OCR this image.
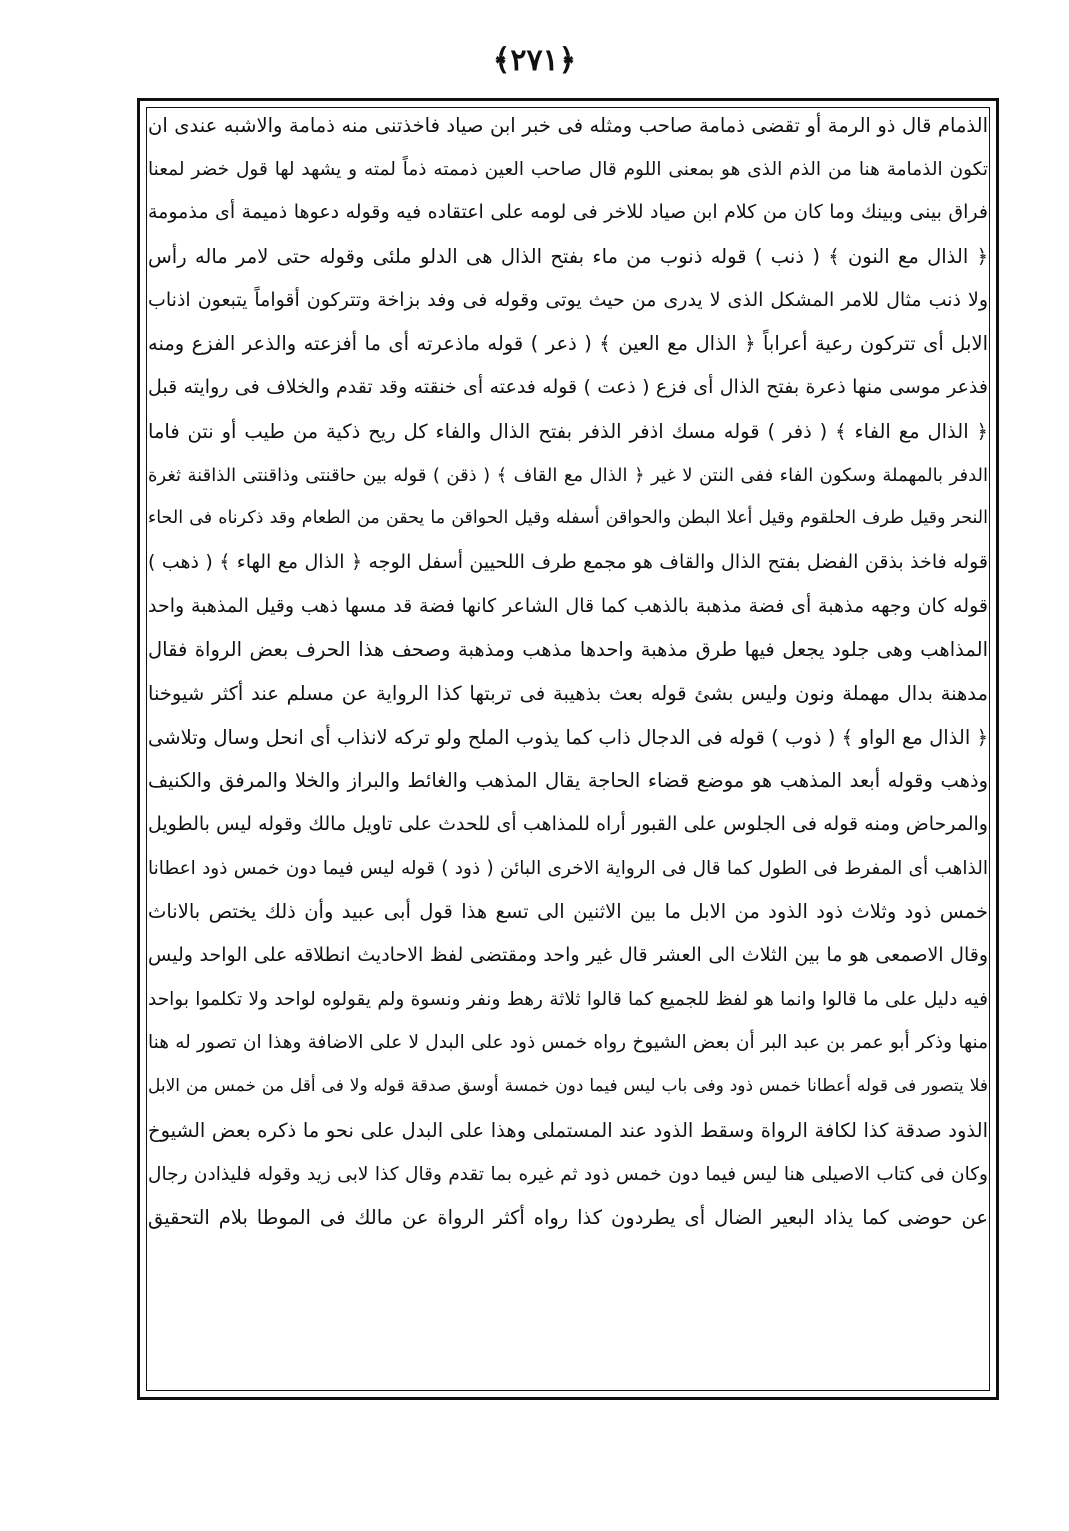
﴿٢٧١﴾
الذمام قال ذو الرمة أو تقضى ذمامة صاحب ومثله فى خبر ابن صياد فاخذتنى منه ذمامة والاشبه عندى ان
تكون الذمامة هنا من الذم الذى هو بمعنى اللوم قال صاحب العين ذممته ذماً لمته و يشهد لها قول خضر لمعنا
فراق بينى وبينك وما كان من كلام ابن صياد للاخر فى لومه على اعتقاده فيه وقوله دعوها ذميمة أى مذمومة
﴿ الذال مع النون ﴾ ( ذنب ) قوله ذنوب من ماء بفتح الذال هى الدلو ملئى وقوله حتى لامر ماله رأس
ولا ذنب مثال للامر المشكل الذى لا يدرى من حيث يوتى وقوله فى وفد بزاخة وتتركون أقواماً يتبعون اذناب
الابل أى تتركون رعية أعراباً ﴿ الذال مع العين ﴾ ( ذعر ) قوله ماذعرته أى ما أفزعته والذعر الفزع ومنه
فذعر موسى منها ذعرة بفتح الذال أى فزع ( ذعت ) قوله فدعته أى خنقته وقد تقدم والخلاف فى روايته قبل
﴿ الذال مع الفاء ﴾ ( ذفر ) قوله مسك اذفر الذفر بفتح الذال والفاء كل ريح ذكية من طيب أو نتن فاما
الدفر بالمهملة وسكون الفاء ففى النتن لا غير ﴿ الذال مع القاف ﴾ ( ذقن ) قوله بين حاقنتى وذاقنتى الذاقنة ثغرة
النحر وقيل طرف الحلقوم وقيل أعلا البطن والحواقن أسفله وقيل الحواقن ما يحقن من الطعام وقد ذكرناه فى الحاء
قوله فاخذ بذقن الفضل بفتح الذال والقاف هو مجمع طرف اللحيين أسفل الوجه ﴿ الذال مع الهاء ﴾ ( ذهب )
قوله كان وجهه مذهبة أى فضة مذهبة بالذهب كما قال الشاعر كانها فضة قد مسها ذهب وقيل المذهبة واحد
المذاهب وهى جلود يجعل فيها طرق مذهبة واحدها مذهب ومذهبة وصحف هذا الحرف بعض الرواة فقال
مدهنة بدال مهملة ونون وليس بشئ قوله بعث بذهيبة فى تربتها كذا الرواية عن مسلم عند أكثر شيوخنا
﴿ الذال مع الواو ﴾ ( ذوب ) قوله فى الدجال ذاب كما يذوب الملح ولو تركه لانذاب أى انحل وسال وتلاشى
وذهب وقوله أبعد المذهب هو موضع قضاء الحاجة يقال المذهب والغائط والبراز والخلا والمرفق والكنيف
والمرحاض ومنه قوله فى الجلوس على القبور أراه للمذاهب أى للحدث على تاويل مالك وقوله ليس بالطويل
الذاهب أى المفرط فى الطول كما قال فى الرواية الاخرى البائن ( ذود ) قوله ليس فيما دون خمس ذود اعطانا
خمس ذود وثلاث ذود الذود من الابل ما بين الاثنين الى تسع هذا قول أبى عبيد وأن ذلك يختص بالاناث
وقال الاصمعى هو ما بين الثلاث الى العشر قال غير واحد ومقتضى لفظ الاحاديث انطلاقه على الواحد وليس
فيه دليل على ما قالوا وانما هو لفظ للجميع كما قالوا ثلاثة رهط ونفر ونسوة ولم يقولوه لواحد ولا تكلموا بواحد
منها وذكر أبو عمر بن عبد البر أن بعض الشيوخ رواه خمس ذود على البدل لا على الاضافة وهذا ان تصور له هنا
فلا يتصور فى قوله أعطانا خمس ذود وفى باب ليس فيما دون خمسة أوسق صدقة قوله ولا فى أقل من خمس من الابل
الذود صدقة كذا لكافة الرواة وسقط الذود عند المستملى وهذا على البدل على نحو ما ذكره بعض الشيوخ
وكان فى كتاب الاصيلى هنا ليس فيما دون خمس ذود ثم غيره بما تقدم وقال كذا لابى زيد وقوله فليذادن رجال
عن حوضى كما يذاد البعير الضال أى يطردون كذا رواه أكثر الرواة عن مالك فى الموطا بلام التحقيق
